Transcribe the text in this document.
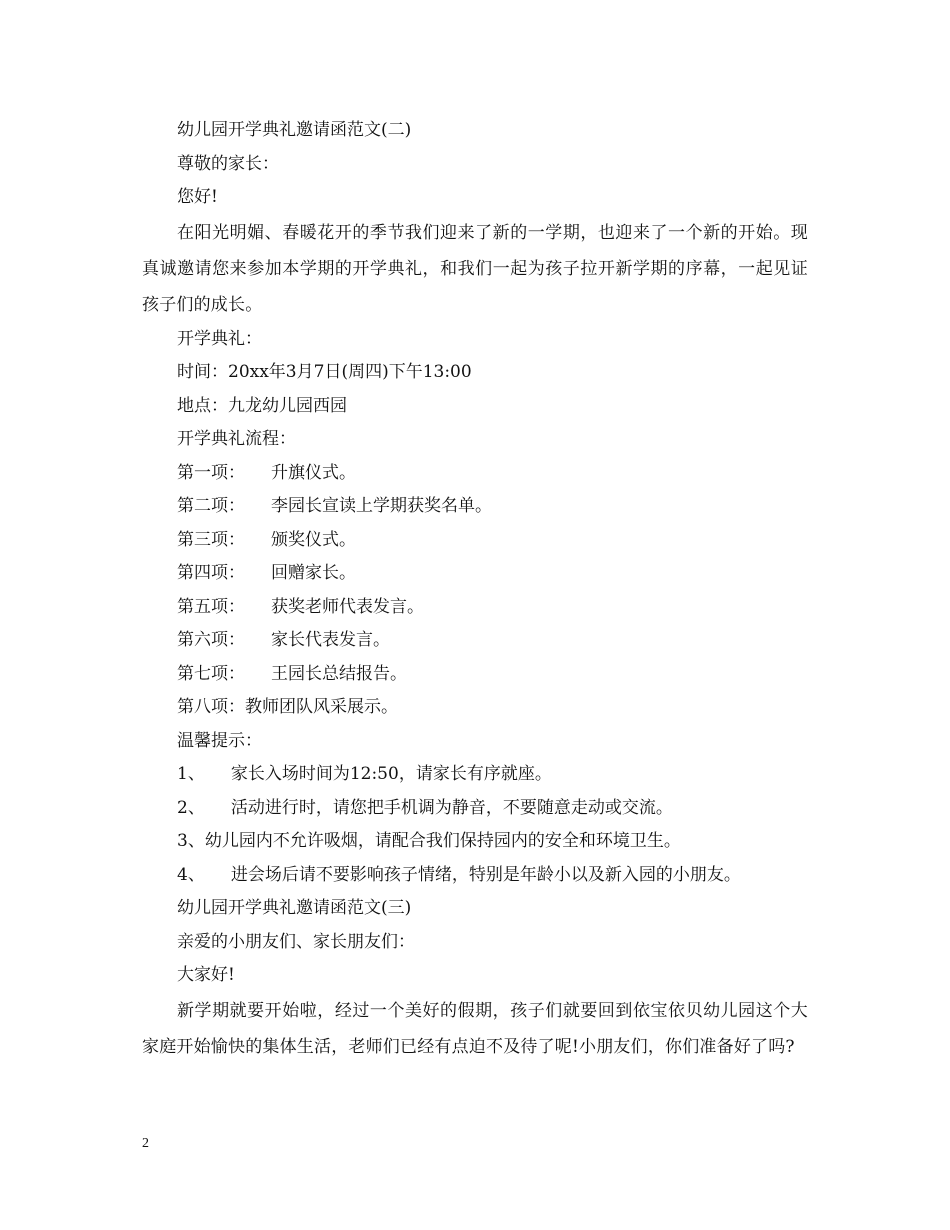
幼儿园开学典礼邀请函范文(二)
尊敬的家长：
您好!
在阳光明媚、春暖花开的季节我们迎来了新的一学期，也迎来了一个新的开始。现真诚邀请您来参加本学期的开学典礼，和我们一起为孩子拉开新学期的序幕，一起见证孩子们的成长。
开学典礼：
时间：20xx年3月7日(周四)下午13:00
地点：九龙幼儿园西园
开学典礼流程：
第一项： 升旗仪式。
第二项： 李园长宣读上学期获奖名单。
第三项： 颁奖仪式。
第四项： 回赠家长。
第五项： 获奖老师代表发言。
第六项： 家长代表发言。
第七项： 王园长总结报告。
第八项：教师团队风采展示。
温馨提示：
1、 家长入场时间为12:50，请家长有序就座。
2、 活动进行时，请您把手机调为静音，不要随意走动或交流。
3、幼儿园内不允许吸烟，请配合我们保持园内的安全和环境卫生。
4、 进会场后请不要影响孩子情绪，特别是年龄小以及新入园的小朋友。
幼儿园开学典礼邀请函范文(三)
亲爱的小朋友们、家长朋友们：
大家好!
新学期就要开始啦，经过一个美好的假期，孩子们就要回到依宝依贝幼儿园这个大家庭开始愉快的集体生活，老师们已经有点迫不及待了呢!小朋友们，你们准备好了吗?
2
